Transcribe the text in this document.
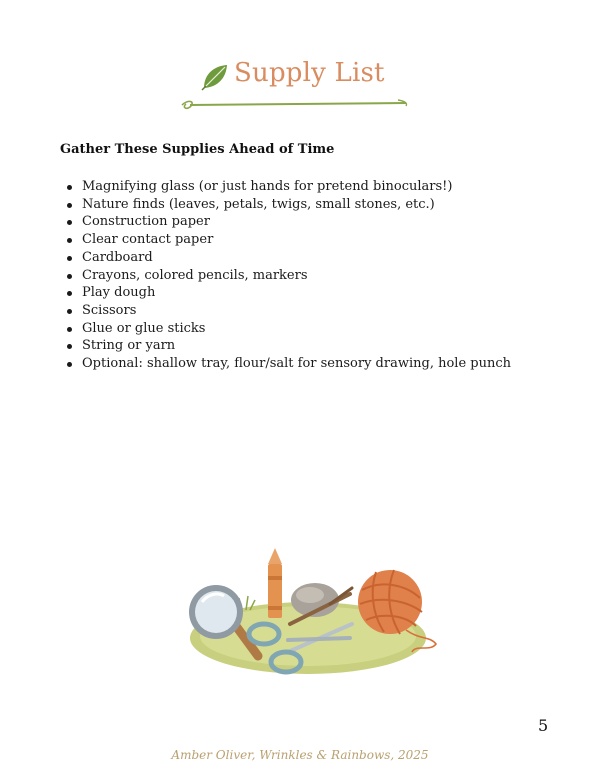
Supply List
Gather These Supplies Ahead of Time
Magnifying glass (or just hands for pretend binoculars!)
Nature finds (leaves, petals, twigs, small stones, etc.)
Construction paper
Clear contact paper
Cardboard
Crayons, colored pencils, markers
Play dough
Scissors
Glue or glue sticks
String or yarn
Optional: shallow tray, flour/salt for sensory drawing, hole punch
5
Amber Oliver, Wrinkles & Rainbows, 2025
